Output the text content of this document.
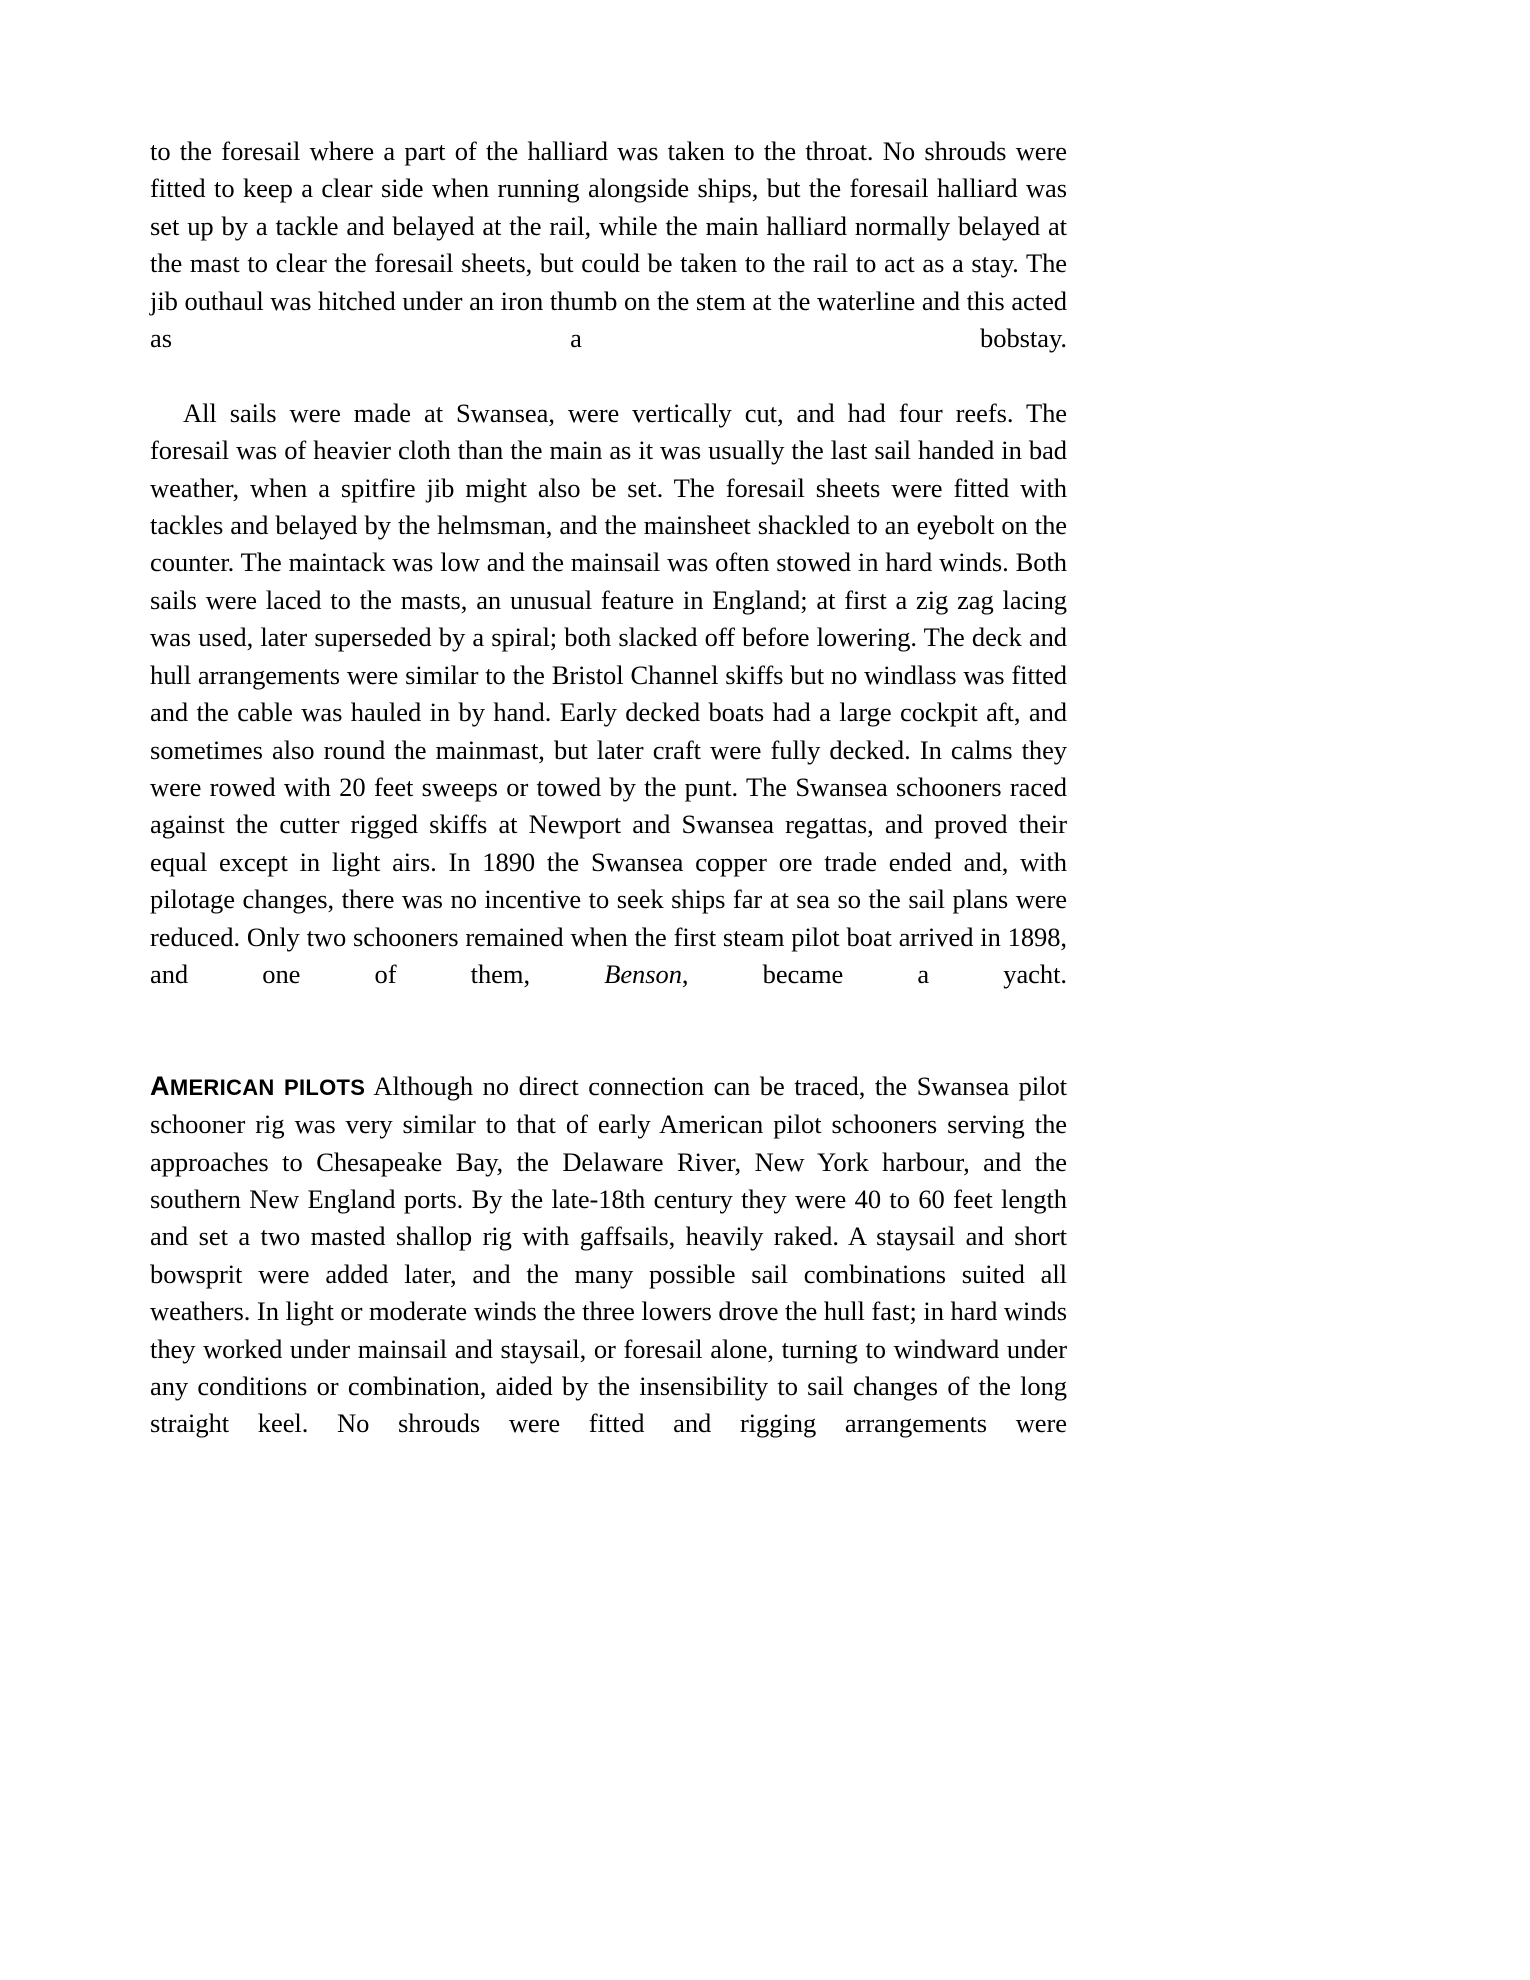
to the foresail where a part of the halliard was taken to the throat. No shrouds were fitted to keep a clear side when running alongside ships, but the foresail halliard was set up by a tackle and belayed at the rail, while the main halliard normally belayed at the mast to clear the foresail sheets, but could be taken to the rail to act as a stay. The jib outhaul was hitched under an iron thumb on the stem at the waterline and this acted as a bobstay.

All sails were made at Swansea, were vertically cut, and had four reefs. The foresail was of heavier cloth than the main as it was usually the last sail handed in bad weather, when a spitfire jib might also be set. The foresail sheets were fitted with tackles and belayed by the helmsman, and the mainsheet shackled to an eyebolt on the counter. The maintack was low and the mainsail was often stowed in hard winds. Both sails were laced to the masts, an unusual feature in England; at first a zig zag lacing was used, later superseded by a spiral; both slacked off before lowering. The deck and hull arrangements were similar to the Bristol Channel skiffs but no windlass was fitted and the cable was hauled in by hand. Early decked boats had a large cockpit aft, and sometimes also round the mainmast, but later craft were fully decked. In calms they were rowed with 20 feet sweeps or towed by the punt. The Swansea schooners raced against the cutter rigged skiffs at Newport and Swansea regattas, and proved their equal except in light airs. In 1890 the Swansea copper ore trade ended and, with pilotage changes, there was no incentive to seek ships far at sea so the sail plans were reduced. Only two schooners remained when the first steam pilot boat arrived in 1898, and one of them, Benson, became a yacht.

AMERICAN PILOTS Although no direct connection can be traced, the Swansea pilot schooner rig was very similar to that of early American pilot schooners serving the approaches to Chesapeake Bay, the Delaware River, New York harbour, and the southern New England ports. By the late-18th century they were 40 to 60 feet length and set a two masted shallop rig with gaffsails, heavily raked. A staysail and short bowsprit were added later, and the many possible sail combinations suited all weathers. In light or moderate winds the three lowers drove the hull fast; in hard winds they worked under mainsail and staysail, or foresail alone, turning to windward under any conditions or combination, aided by the insensibility to sail changes of the long straight keel. No shrouds were fitted and rigging arrangements were
